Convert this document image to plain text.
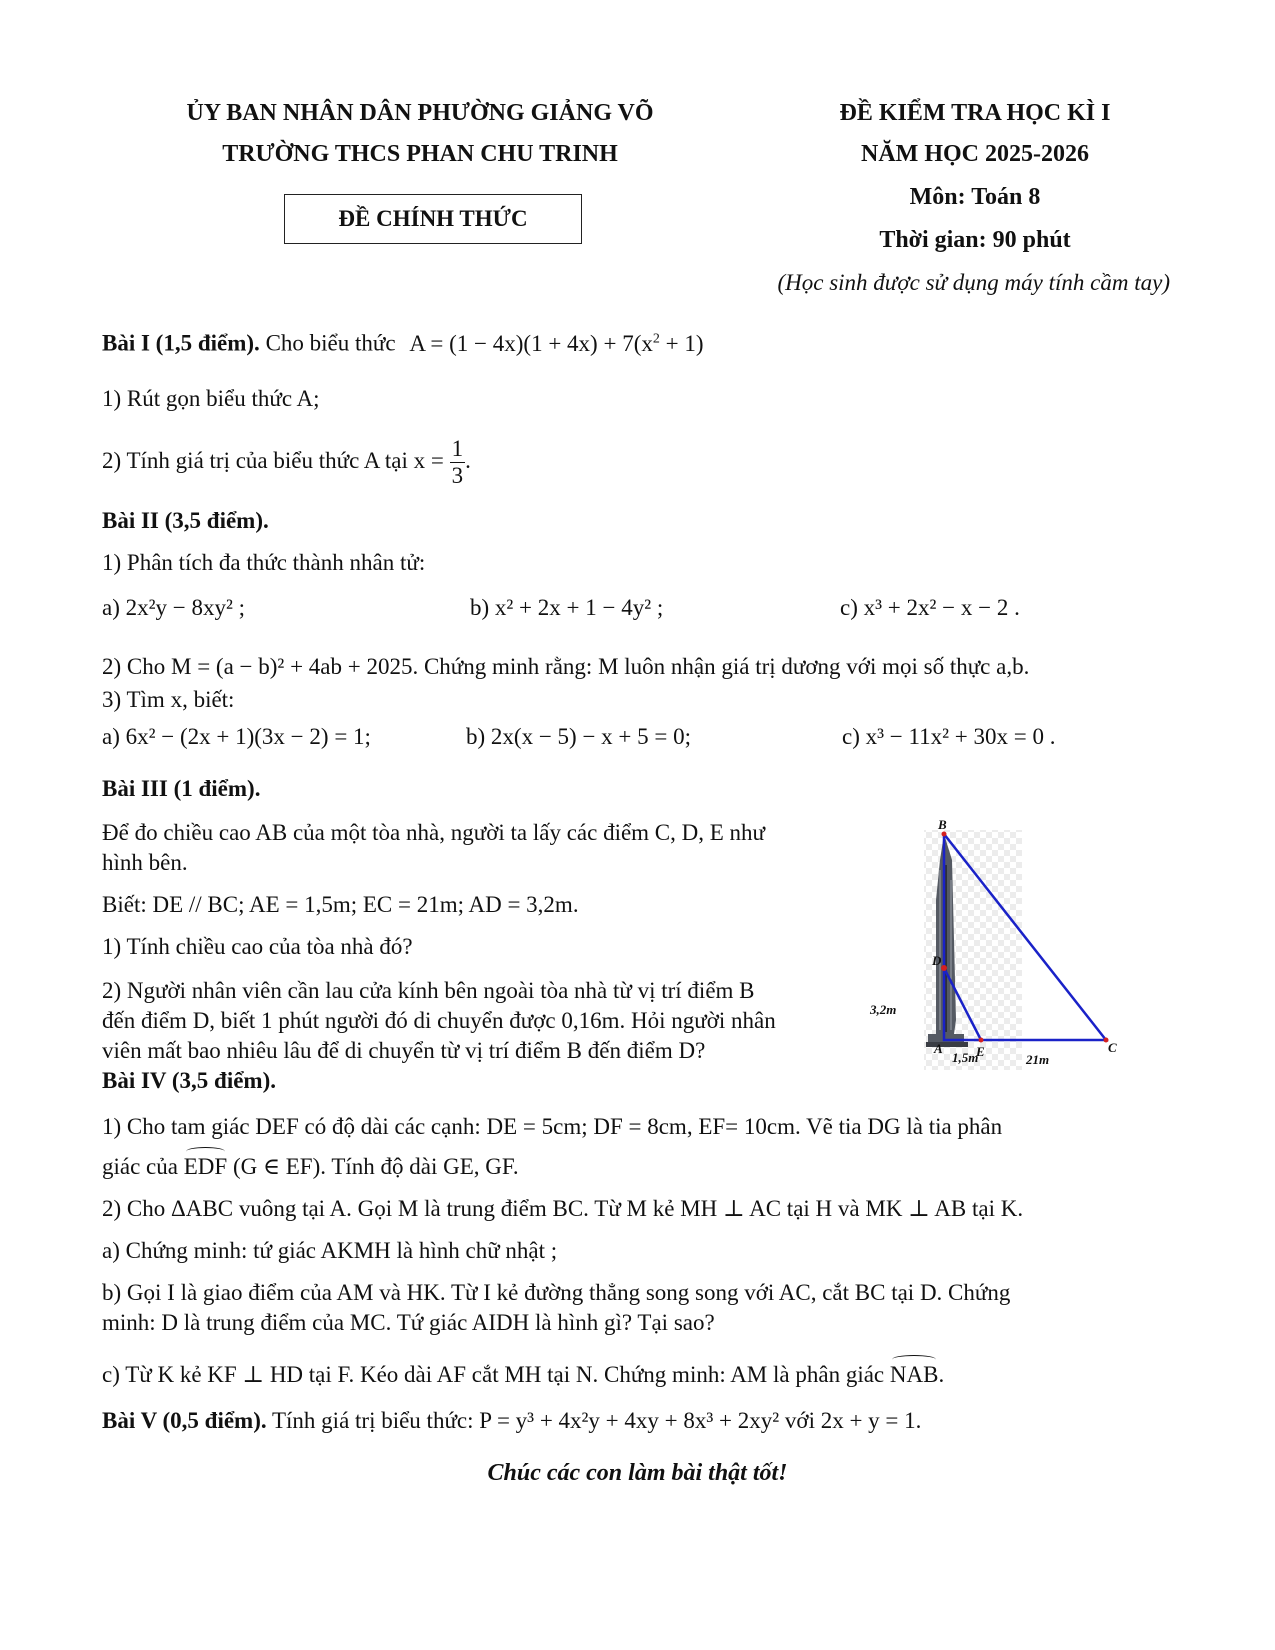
ỦY BAN NHÂN DÂN PHƯỜNG GIẢNG VÕ
TRƯỜNG THCS PHAN CHU TRINH
ĐỀ CHÍNH THỨC
ĐỀ KIỂM TRA HỌC KÌ I
NĂM HỌC 2025-2026
Môn: Toán 8
Thời gian: 90 phút
(Học sinh được sử dụng máy tính cầm tay)
Bài I (1,5 điểm). Cho biểu thức $A = (1 - 4x)(1 + 4x) + 7(x^2 + 1)$
1) Rút gọn biểu thức A;
2) Tính giá trị của biểu thức A tại $x = \frac{1}{3}$ .
Bài II (3,5 điểm).
1) Phân tích đa thức thành nhân tử:
a) 2x²y − 8xy² ;	b) x² + 2x + 1 − 4y² ;	c) x³ + 2x² − x − 2 .
2) Cho M = (a − b)² + 4ab + 2025. Chứng minh rằng: M luôn nhận giá trị dương với mọi số thực a,b.
3) Tìm x, biết:
a) 6x² − (2x + 1)(3x − 2) = 1;	b) 2x(x − 5) − x + 5 = 0;	c) x³ − 11x² + 30x = 0 .
Bài III (1 điểm).
Để đo chiều cao AB của một tòa nhà, người ta lấy các điểm C, D, E như
hình bên.
Biết: DE // BC; AE = 1,5m; EC = 21m; AD = 3,2m.
1) Tính chiều cao của tòa nhà đó?
2) Người nhân viên cần lau cửa kính bên ngoài tòa nhà từ vị trí điểm B
đến điểm D, biết 1 phút người đó di chuyển được 0,16m. Hỏi người nhân
viên mất bao nhiêu lâu để di chuyển từ vị trí điểm B đến điểm D?
B
D
A	E	C
3,2m
1,5m	21m
Bài IV (3,5 điểm).
1) Cho tam giác DEF có độ dài các cạnh: DE = 5cm; DF = 8cm, EF= 10cm. Vẽ tia DG là tia phân
giác của EDF (G ∈ EF). Tính độ dài GE, GF.
2) Cho ΔABC vuông tại A. Gọi M là trung điểm BC. Từ M kẻ MH ⊥ AC tại H và MK ⊥ AB tại K.
a) Chứng minh: tứ giác AKMH là hình chữ nhật ;
b) Gọi I là giao điểm của AM và HK. Từ I kẻ đường thẳng song song với AC, cắt BC tại D. Chứng
minh: D là trung điểm của MC. Tứ giác AIDH là hình gì? Tại sao?
c) Từ K kẻ KF ⊥ HD tại F. Kéo dài AF cắt MH tại N. Chứng minh: AM là phân giác NAB.
Bài V (0,5 điểm). Tính giá trị biểu thức: P = y³ + 4x²y + 4xy + 8x³ + 2xy² với 2x + y = 1.
Chúc các con làm bài thật tốt!
